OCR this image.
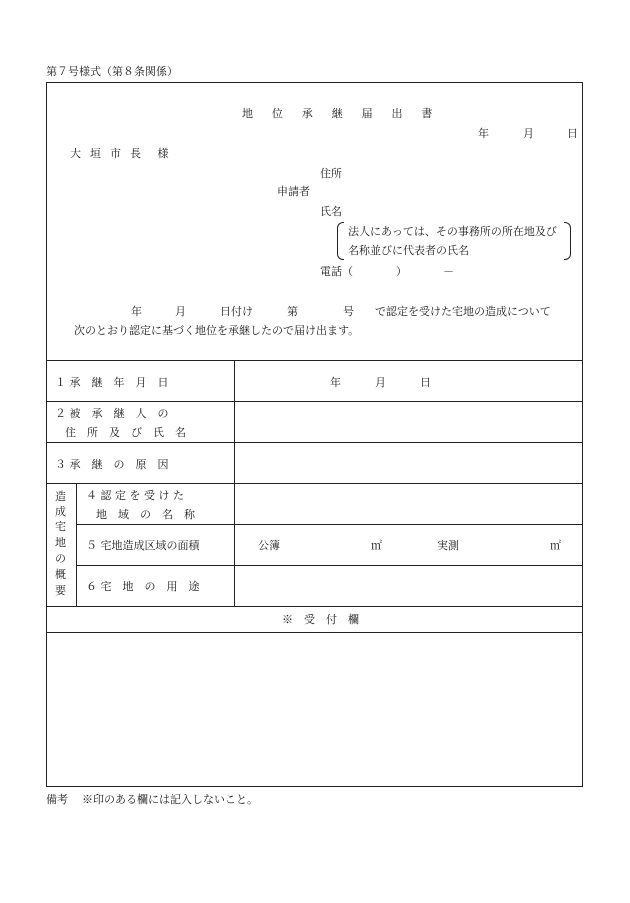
第７号様式（第８条関係）
地 位 承 継 届 出 書
年	月	日
大 垣 市 長　様
住所
申請者
氏名
法人にあっては、その事務所の所在地及び
名称並びに代表者の氏名
電話（	）	－
年	月	日付け	第	号 で認定を受けた宅地の造成について
次のとおり認定に基づく地位を承継したので届け出ます。
１ 承　継　年　月　日	年	月	日
２ 被　承　継　人　の
住　所　及　び　氏　名
３ 承　継　の　原　因
造
成
宅
地
の
概
要
４ 認 定 を 受 け た
地　域　の　名　称
５ 宅地造成区域の面積	公簿	㎡	実測	㎡
６ 宅　地　の　用　途
※　受　付　欄
備考 ※印のある欄には記入しないこと。
